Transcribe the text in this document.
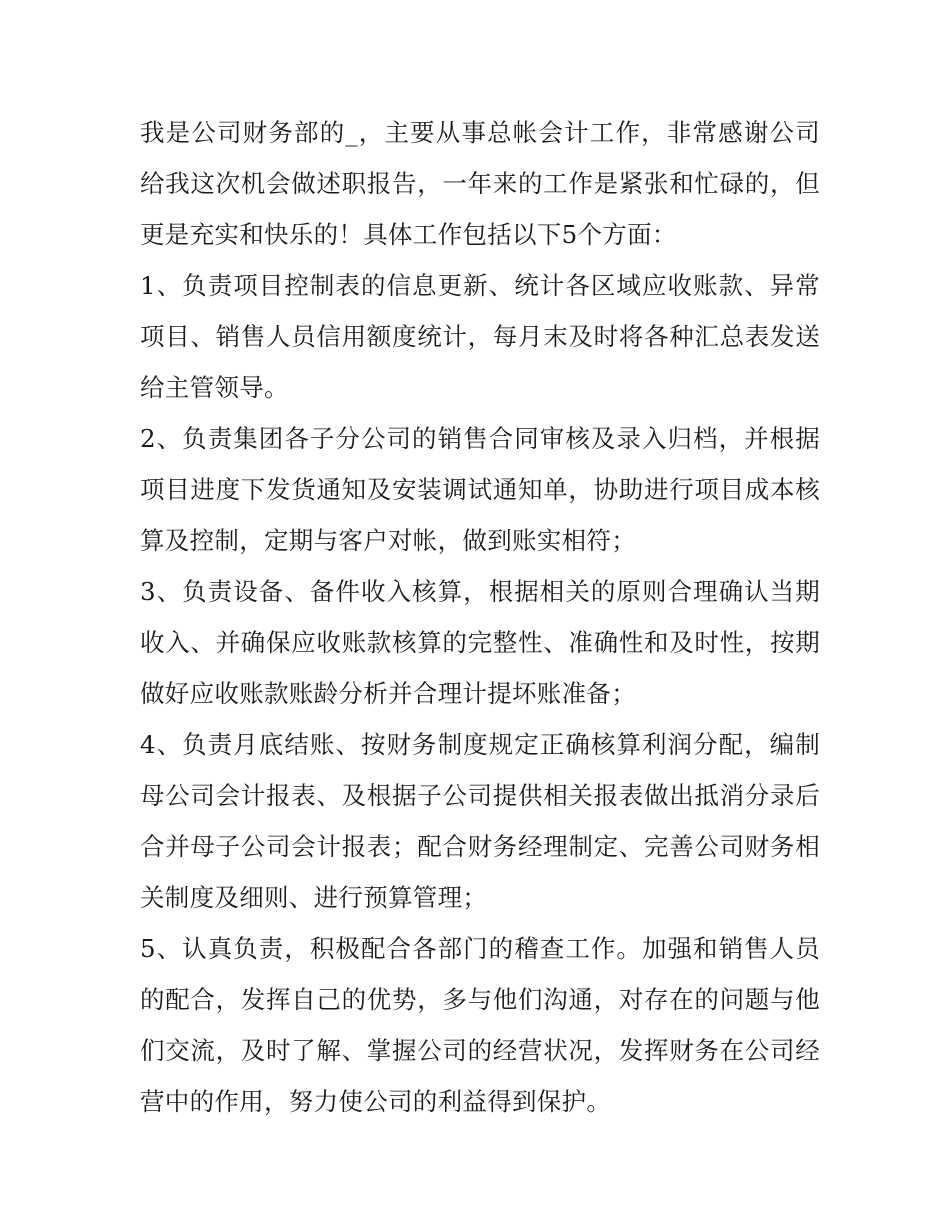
我是公司财务部的_，主要从事总帐会计工作，非常感谢公司给我这次机会做述职报告，一年来的工作是紧张和忙碌的，但更是充实和快乐的！具体工作包括以下5个方面：

1、负责项目控制表的信息更新、统计各区域应收账款、异常项目、销售人员信用额度统计，每月末及时将各种汇总表发送给主管领导。

2、负责集团各子分公司的销售合同审核及录入归档，并根据项目进度下发货通知及安装调试通知单，协助进行项目成本核算及控制，定期与客户对帐，做到账实相符；

3、负责设备、备件收入核算，根据相关的原则合理确认当期收入、并确保应收账款核算的完整性、准确性和及时性，按期做好应收账款账龄分析并合理计提坏账准备；

4、负责月底结账、按财务制度规定正确核算利润分配，编制母公司会计报表、及根据子公司提供相关报表做出抵消分录后合并母子公司会计报表；配合财务经理制定、完善公司财务相关制度及细则、进行预算管理；

5、认真负责，积极配合各部门的稽查工作。加强和销售人员的配合，发挥自己的优势，多与他们沟通，对存在的问题与他们交流，及时了解、掌握公司的经营状况，发挥财务在公司经营中的作用，努力使公司的利益得到保护。
